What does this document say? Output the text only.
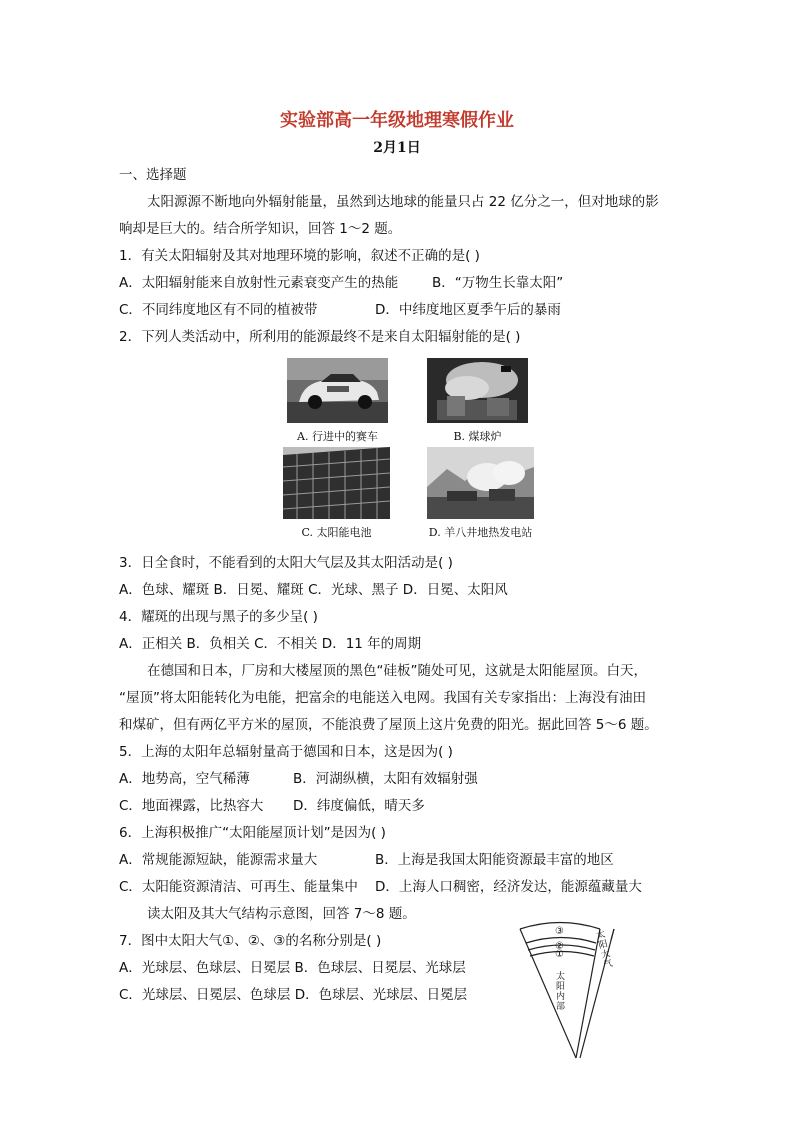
实验部高一年级地理寒假作业
2月1日
一、选择题
太阳源源不断地向外辐射能量，虽然到达地球的能量只占 22 亿分之一，但对地球的影
响却是巨大的。结合所学知识，回答 1～2 题。
1．有关太阳辐射及其对地理环境的影响，叙述不正确的是( )
A．太阳辐射能来自放射性元素衰变产生的热能	B．“万物生长靠太阳”
C．不同纬度地区有不同的植被带	D．中纬度地区夏季午后的暴雨
2．下列人类活动中，所利用的能源最终不是来自太阳辐射能的是( )
A. 行进中的赛车	B. 煤球炉
C. 太阳能电池	D. 羊八井地热发电站
3．日全食时，不能看到的太阳大气层及其太阳活动是( )
A．色球、耀斑 B．日冕、耀斑 C．光球、黑子 D．日冕、太阳风
4．耀斑的出现与黑子的多少呈( )
A．正相关 B．负相关 C．不相关 D．11 年的周期
在德国和日本，厂房和大楼屋顶的黑色“硅板”随处可见，这就是太阳能屋顶。白天，
“屋顶”将太阳能转化为电能，把富余的电能送入电网。我国有关专家指出：上海没有油田
和煤矿，但有两亿平方米的屋顶，不能浪费了屋顶上这片免费的阳光。据此回答 5～6 题。
5．上海的太阳年总辐射量高于德国和日本，这是因为( )
A．地势高，空气稀薄	B．河湖纵横，太阳有效辐射强
C．地面裸露，比热容大 D．纬度偏低，晴天多
6．上海积极推广“太阳能屋顶计划”是因为( )
A．常规能源短缺，能源需求量大	B．上海是我国太阳能资源最丰富的地区
C．太阳能资源清洁、可再生、能量集中 D．上海人口稠密，经济发达，能源蕴藏量大
读太阳及其大气结构示意图，回答 7～8 题。
7．图中太阳大气①、②、③的名称分别是( )
A．光球层、色球层、日冕层 B．色球层、日冕层、光球层
C．光球层、日冕层、色球层 D．色球层、光球层、日冕层
③
②
①
太阳大气
太阳内部
